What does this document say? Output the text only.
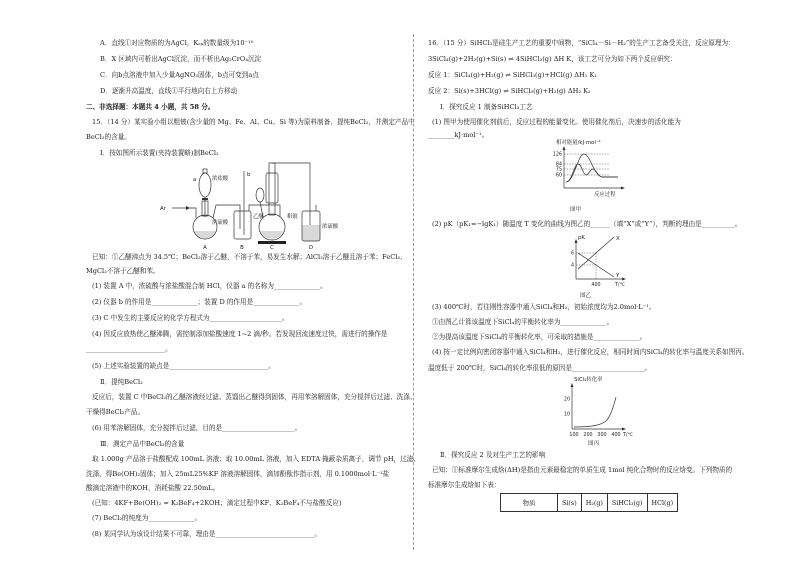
A．直线①对应物质的为AgCl，Kₛₚ的数量级为10⁻¹⁰
B．X 区域内可析出AgCl沉淀，而不析出Ag₂CrO₄沉淀
C．向b点溶液中加入少量AgNO₃固体，b点可变到a点
D．逐渐升高温度，直线①平行地向右上方移动
二、非选择题：本题共 4 小题，共 58 分。
15．（14 分）某实验小组以粗铍(含少量的 Mg、Fe、Al、Cu、Si 等)为原料制备、提纯BeCl₂，并测定产品中
BeCl₂的含量。
Ⅰ．按如图所示装置(夹持装置略)制BeCl₂
Ar
a	浓盐酸
浓硫酸
b
乙醚	粗铍
浓硫酸
A	B	C	D
已知：①乙醚沸点为 34.5℃；BeCl₂溶于乙醚，不溶于苯，易发生水解；AlCl₃溶于乙醚且溶于苯；FeCl₃、
MgCl₂不溶于乙醚和苯。
(1) 装置 A 中，浓硫酸与浓盐酸混合制 HCl，仪器 a 的名称为______________。
(2) 仪器 b 的作用是______________；装置 D 的作用是______________。
(3) C 中发生的主要反应的化学方程式为______________________。
(4) 因反应放热使乙醚沸腾，需控制添加盐酸速度 1~2 滴/秒。若发现回流速度过快，需进行的操作是
________________________。
(5) 上述实验装置的缺点是______________________________。
Ⅱ．提纯BeCl₂
反应后，装置 C 中BeCl₂的乙醚溶液经过滤、蒸馏出乙醚得到固体，再用苯溶解固体，充分搅拌后过滤、洗涤、
干燥得BeCl₂产品。
(6) 用苯溶解固体，充分搅拌后过滤，目的是______________________。
Ⅲ．测定产品中BeCl₂的含量
取 1.000g 产品溶于盐酸配成 100mL 溶液；取 10.00mL 溶液，加入 EDTA 掩蔽杂质离子，调节 pH，过滤、
洗涤，得Be(OH)₂固体；加入 25mL25%KF 溶液溶解固体，滴加酚酞作指示剂，用 0.1000mol·L⁻¹盐
酸滴定溶液中的KOH，消耗盐酸 22.50mL。
(已知：4KF+Be(OH)₂ = K₂BeF₄+2KOH；滴定过程中KF、K₂BeF₄不与盐酸反应)
(7) BeCl₂的纯度为______________。
(8) 某同学认为该设计结果不可靠，理由是______________________________。
16．（15 分）SiHCl₃是硅生产工艺的重要中间物，“SiCl₄－Si－H₂”的生产工艺备受关注，反应原理为：
3SiCl₄(g)+2H₂(g)+Si(s) ⇌ 4SiHCl₃(g) ΔH K，该工艺可分为如下两个反应研究：
反应 1：SiCl₄(g)+H₂(g) ⇌ SiHCl₃(g)+HCl(g) ΔH₁ K₁
反应 2：Si(s)+3HCl(g) ⇌ SiHCl₃(g)+H₂(g) ΔH₂ K₂
Ⅰ．探究反应 1 制备SiHCl₃工艺
(1) 图甲为使用催化剂前后，反应过程的能量变化。使用催化剂后，决速步的活化能为
________kJ·mol⁻¹。
相对能量/kJ·mol⁻¹
126
84
75
60
反应过程
图甲
(2) pK（pK₁=−lgK₁）随温度 T 变化的曲线为图乙的______（填“X”或“Y”），判断的理由是__________。
pK
6
4
X
Y
400	T/℃
图乙
(3) 400℃时，若往刚性容器中通入SiCl₄和H₂，初始浓度均为2.0mol·L⁻¹。
①由图乙计算该温度下SiCl₄的平衡转化率为______________。
②为提高该温度下SiCl₄的平衡转化率，可采取的措施是______________。
(4) 按一定比例向密闭容器中通入SiCl₄和H₂，进行催化反应，相同时间内SiCl₄的转化率与温度关系如图丙。
温度低于 200℃时，SiCl₄的转化率很低的原因是______________________。
SiCl₄转化率
20
10
100 200 300 400 T/℃
图丙
Ⅱ．探究反应 2 及对生产工艺的影响
已知：①标准摩尔生成焓(ΔH)是指由元素最稳定的单质生成 1mol 纯化合物时的反应焓变。下列物质的
标准摩尔生成焓如下表：
物质	Si(s)	H₂(g)	SiHCl₃(g)	HCl(g)
